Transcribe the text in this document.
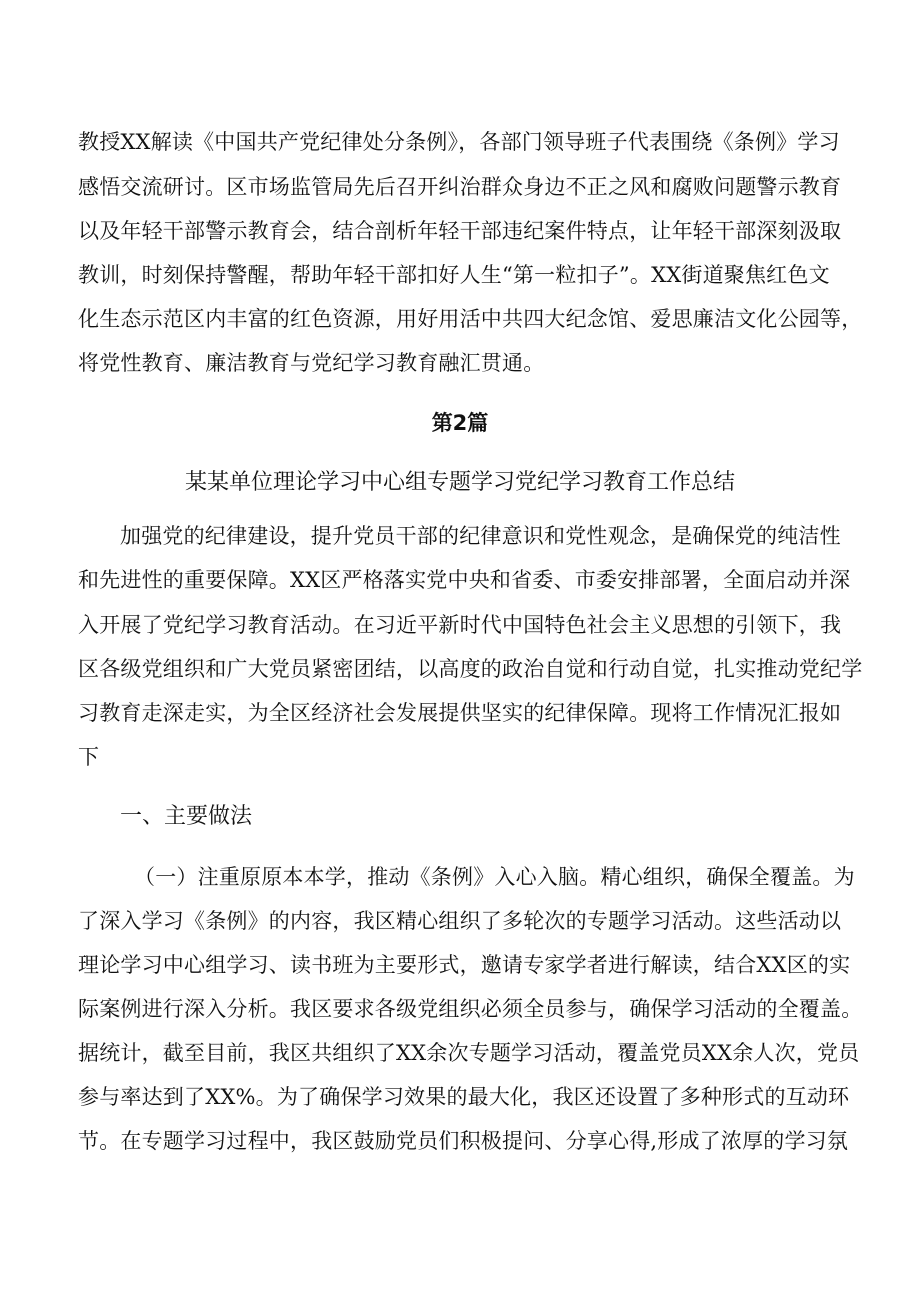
教授XX解读《中国共产党纪律处分条例》，各部门领导班子代表围绕《条例》学习
感悟交流研讨。区市场监管局先后召开纠治群众身边不正之风和腐败问题警示教育
以及年轻干部警示教育会，结合剖析年轻干部违纪案件特点，让年轻干部深刻汲取
教训，时刻保持警醒，帮助年轻干部扣好人生“第一粒扣子”。XX街道聚焦红色文
化生态示范区内丰富的红色资源，用好用活中共四大纪念馆、爱思廉洁文化公园等，
将党性教育、廉洁教育与党纪学习教育融汇贯通。
第2篇
某某单位理论学习中心组专题学习党纪学习教育工作总结
加强党的纪律建设，提升党员干部的纪律意识和党性观念，是确保党的纯洁性
和先进性的重要保障。XX区严格落实党中央和省委、市委安排部署，全面启动并深
入开展了党纪学习教育活动。在习近平新时代中国特色社会主义思想的引领下，我
区各级党组织和广大党员紧密团结，以高度的政治自觉和行动自觉，扎实推动党纪学
习教育走深走实，为全区经济社会发展提供坚实的纪律保障。现将工作情况汇报如
下
一、主要做法
（一）注重原原本本学，推动《条例》入心入脑。精心组织，确保全覆盖。为
了深入学习《条例》的内容，我区精心组织了多轮次的专题学习活动。这些活动以
理论学习中心组学习、读书班为主要形式，邀请专家学者进行解读，结合XX区的实
际案例进行深入分析。我区要求各级党组织必须全员参与，确保学习活动的全覆盖。
据统计，截至目前，我区共组织了XX余次专题学习活动，覆盖党员XX余人次，党员
参与率达到了XX%。为了确保学习效果的最大化，我区还设置了多种形式的互动环
节。在专题学习过程中，我区鼓励党员们积极提问、分享心得,形成了浓厚的学习氛
